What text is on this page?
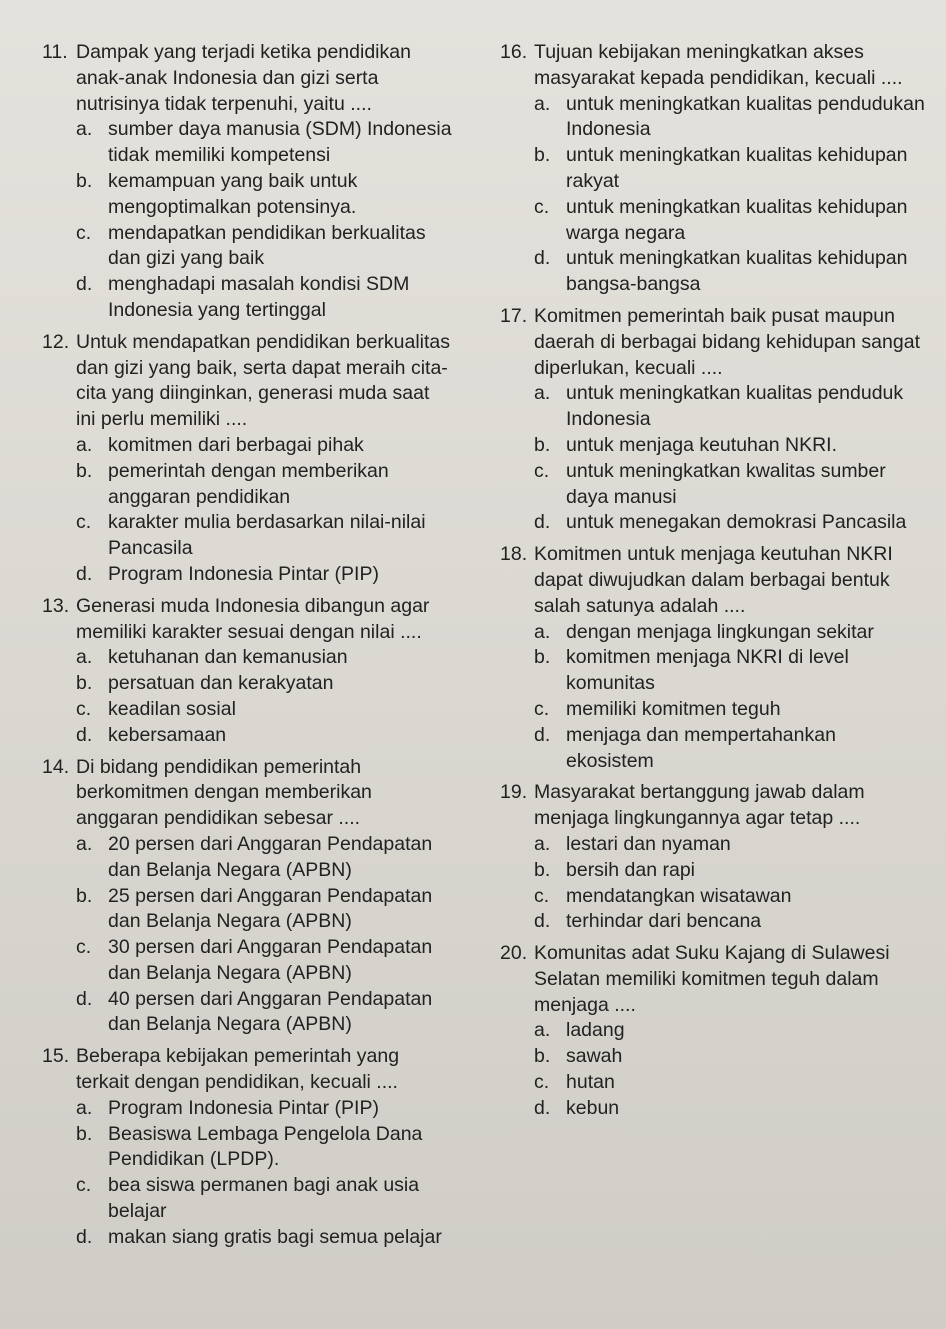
11. Dampak yang terjadi ketika pendidikan anak-anak Indonesia dan gizi serta nutrisinya tidak terpenuhi, yaitu ....
a. sumber daya manusia (SDM) Indonesia tidak memiliki kompetensi
b. kemampuan yang baik untuk mengoptimalkan potensinya.
c. mendapatkan pendidikan berkualitas dan gizi yang baik
d. menghadapi masalah kondisi SDM Indonesia yang tertinggal
12. Untuk mendapatkan pendidikan berkualitas dan gizi yang baik, serta dapat meraih cita-cita yang diinginkan, generasi muda saat ini perlu memiliki ....
a. komitmen dari berbagai pihak
b. pemerintah dengan memberikan anggaran pendidikan
c. karakter mulia berdasarkan nilai-nilai Pancasila
d. Program Indonesia Pintar (PIP)
13. Generasi muda Indonesia dibangun agar memiliki karakter sesuai dengan nilai ....
a. ketuhanan dan kemanusian
b. persatuan dan kerakyatan
c. keadilan sosial
d. kebersamaan
14. Di bidang pendidikan pemerintah berkomitmen dengan memberikan anggaran pendidikan sebesar ....
a. 20 persen dari Anggaran Pendapatan dan Belanja Negara (APBN)
b. 25 persen dari Anggaran Pendapatan dan Belanja Negara (APBN)
c. 30 persen dari Anggaran Pendapatan dan Belanja Negara (APBN)
d. 40 persen dari Anggaran Pendapatan dan Belanja Negara (APBN)
15. Beberapa kebijakan pemerintah yang terkait dengan pendidikan, kecuali ....
a. Program Indonesia Pintar (PIP)
b. Beasiswa Lembaga Pengelola Dana Pendidikan (LPDP).
c. bea siswa permanen bagi anak usia belajar
d. makan siang gratis bagi semua pelajar
16. Tujuan kebijakan meningkatkan akses masyarakat kepada pendidikan, kecuali ....
a. untuk meningkatkan kualitas pendudukan Indonesia
b. untuk meningkatkan kualitas kehidupan rakyat
c. untuk meningkatkan kualitas kehidupan warga negara
d. untuk meningkatkan kualitas kehidupan bangsa-bangsa
17. Komitmen pemerintah baik pusat maupun daerah di berbagai bidang kehidupan sangat diperlukan, kecuali ....
a. untuk meningkatkan kualitas penduduk Indonesia
b. untuk menjaga keutuhan NKRI.
c. untuk meningkatkan kwalitas sumber daya manusi
d. untuk menegakan demokrasi Pancasila
18. Komitmen untuk menjaga keutuhan NKRI dapat diwujudkan dalam berbagai bentuk salah satunya adalah ....
a. dengan menjaga lingkungan sekitar
b. komitmen menjaga NKRI di level komunitas
c. memiliki komitmen teguh
d. menjaga dan mempertahankan ekosistem
19. Masyarakat bertanggung jawab dalam menjaga lingkungannya agar tetap ....
a. lestari dan nyaman
b. bersih dan rapi
c. mendatangkan wisatawan
d. terhindar dari bencana
20. Komunitas adat Suku Kajang di Sulawesi Selatan memiliki komitmen teguh dalam menjaga ....
a. ladang
b. sawah
c. hutan
d. kebun
